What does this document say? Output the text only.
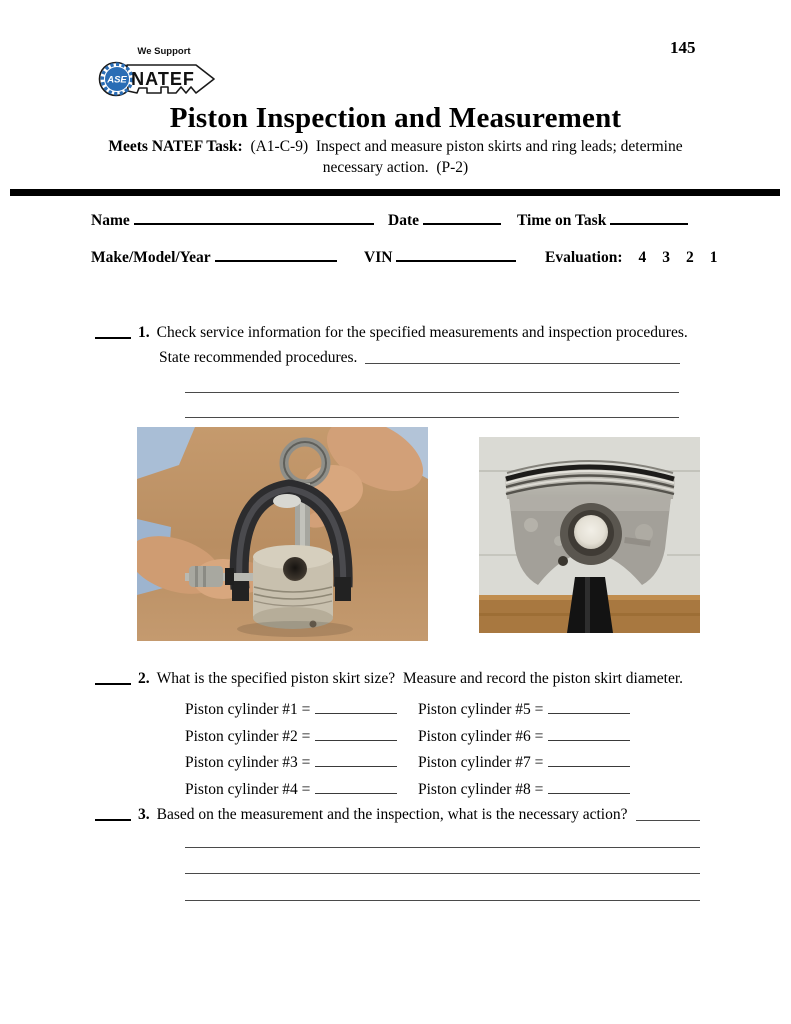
145
ASE
We Support
NATEF
Piston Inspection and Measurement
Meets NATEF Task:  (A1-C-9)  Inspect and measure piston skirts and ring leads; determine
necessary action.  (P-2)
Name	Date	Time on Task
Make/Model/Year	VIN	Evaluation: 4 3 2 1
1. Check service information for the specified measurements and inspection procedures.
State recommended procedures.
2. What is the specified piston skirt size?  Measure and record the piston skirt diameter.
Piston cylinder #1 =	Piston cylinder #5 =
Piston cylinder #2 =	Piston cylinder #6 =
Piston cylinder #3 =	Piston cylinder #7 =
Piston cylinder #4 =	Piston cylinder #8 =
3. Based on the measurement and the inspection, what is the necessary action?
